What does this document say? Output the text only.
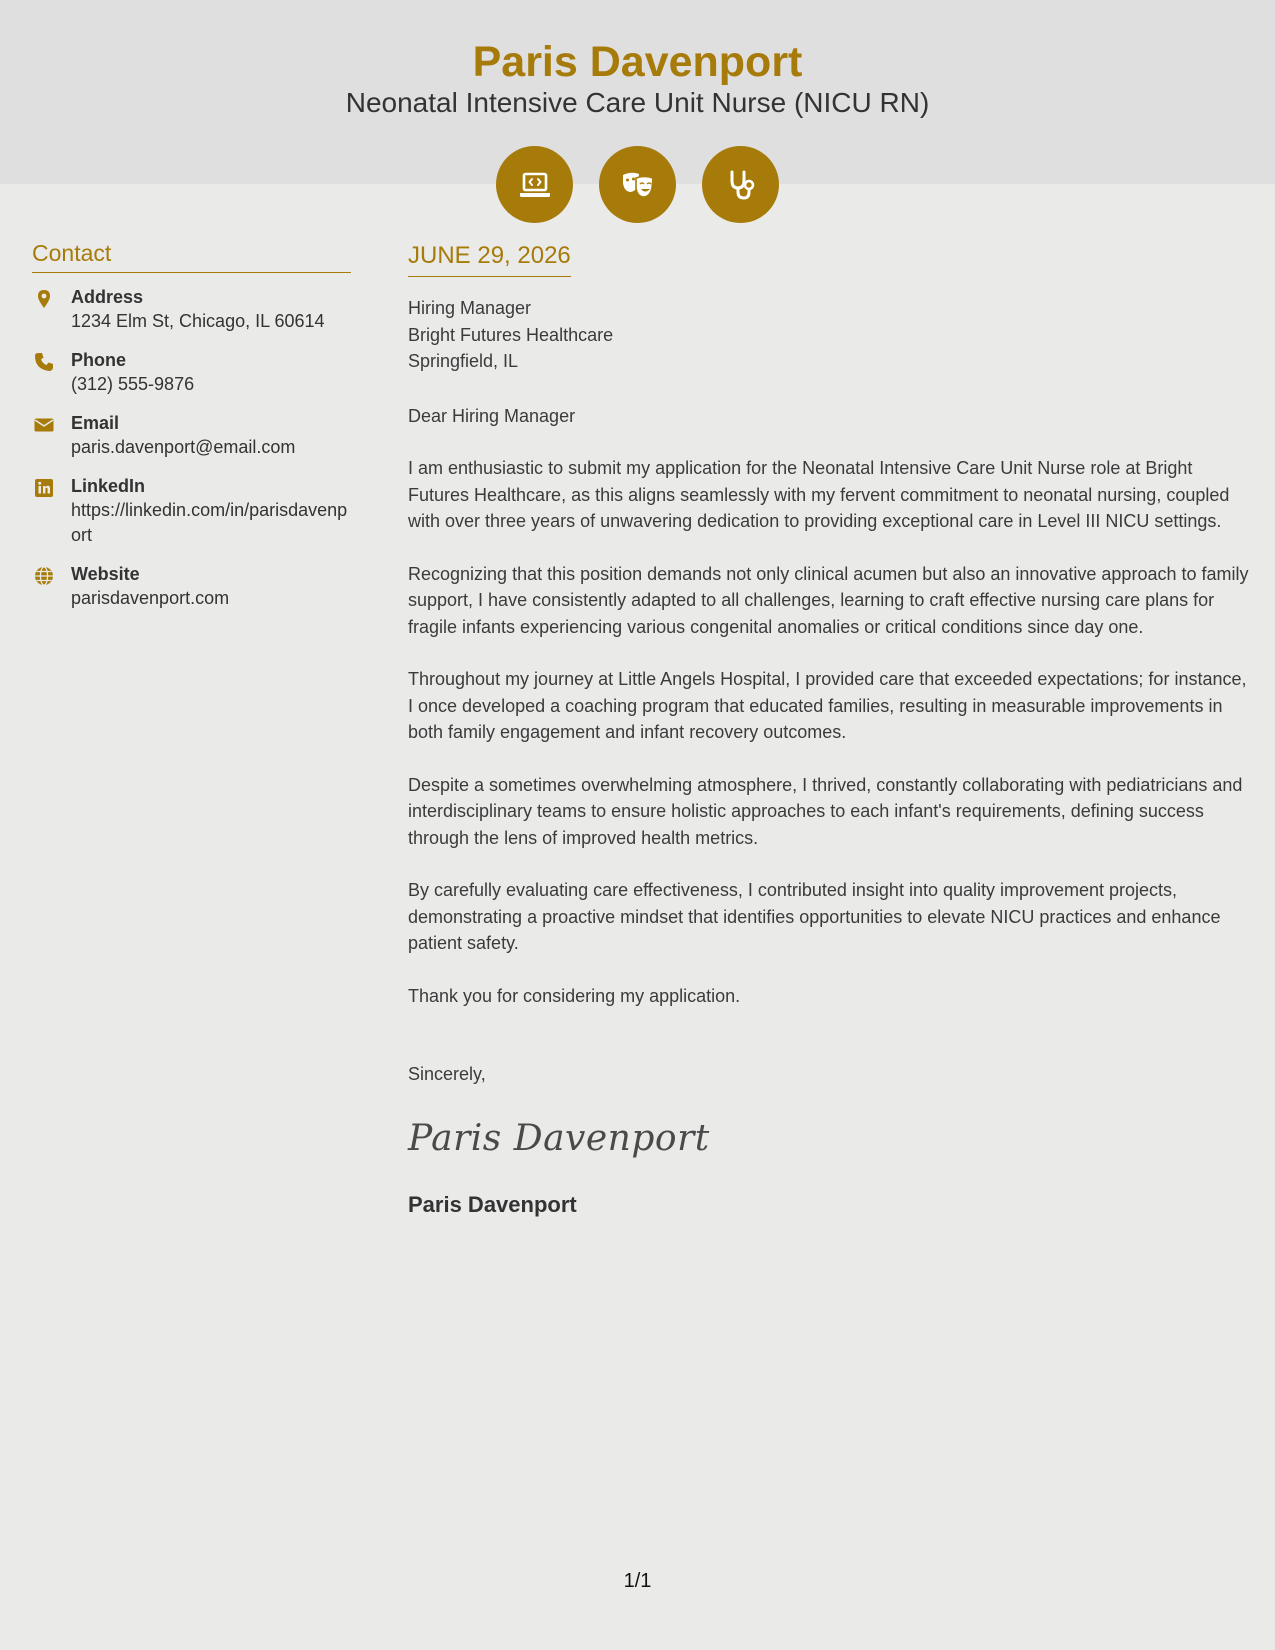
Paris Davenport
Neonatal Intensive Care Unit Nurse (NICU RN)
Contact
Address
1234 Elm St, Chicago, IL 60614
Phone
(312) 555-9876
Email
paris.davenport@email.com
LinkedIn
https://linkedin.com/in/parisdavenport
Website
parisdavenport.com
JUNE 29, 2026
Hiring Manager
Bright Futures Healthcare
Springfield, IL
Dear Hiring Manager
I am enthusiastic to submit my application for the Neonatal Intensive Care Unit Nurse role at Bright Futures Healthcare, as this aligns seamlessly with my fervent commitment to neonatal nursing, coupled with over three years of unwavering dedication to providing exceptional care in Level III NICU settings.
Recognizing that this position demands not only clinical acumen but also an innovative approach to family support, I have consistently adapted to all challenges, learning to craft effective nursing care plans for fragile infants experiencing various congenital anomalies or critical conditions since day one.
Throughout my journey at Little Angels Hospital, I provided care that exceeded expectations; for instance, I once developed a coaching program that educated families, resulting in measurable improvements in both family engagement and infant recovery outcomes.
Despite a sometimes overwhelming atmosphere, I thrived, constantly collaborating with pediatricians and interdisciplinary teams to ensure holistic approaches to each infant's requirements, defining success through the lens of improved health metrics.
By carefully evaluating care effectiveness, I contributed insight into quality improvement projects, demonstrating a proactive mindset that identifies opportunities to elevate NICU practices and enhance patient safety.
Thank you for considering my application.
Sincerely,
Paris Davenport
Paris Davenport
1/1
